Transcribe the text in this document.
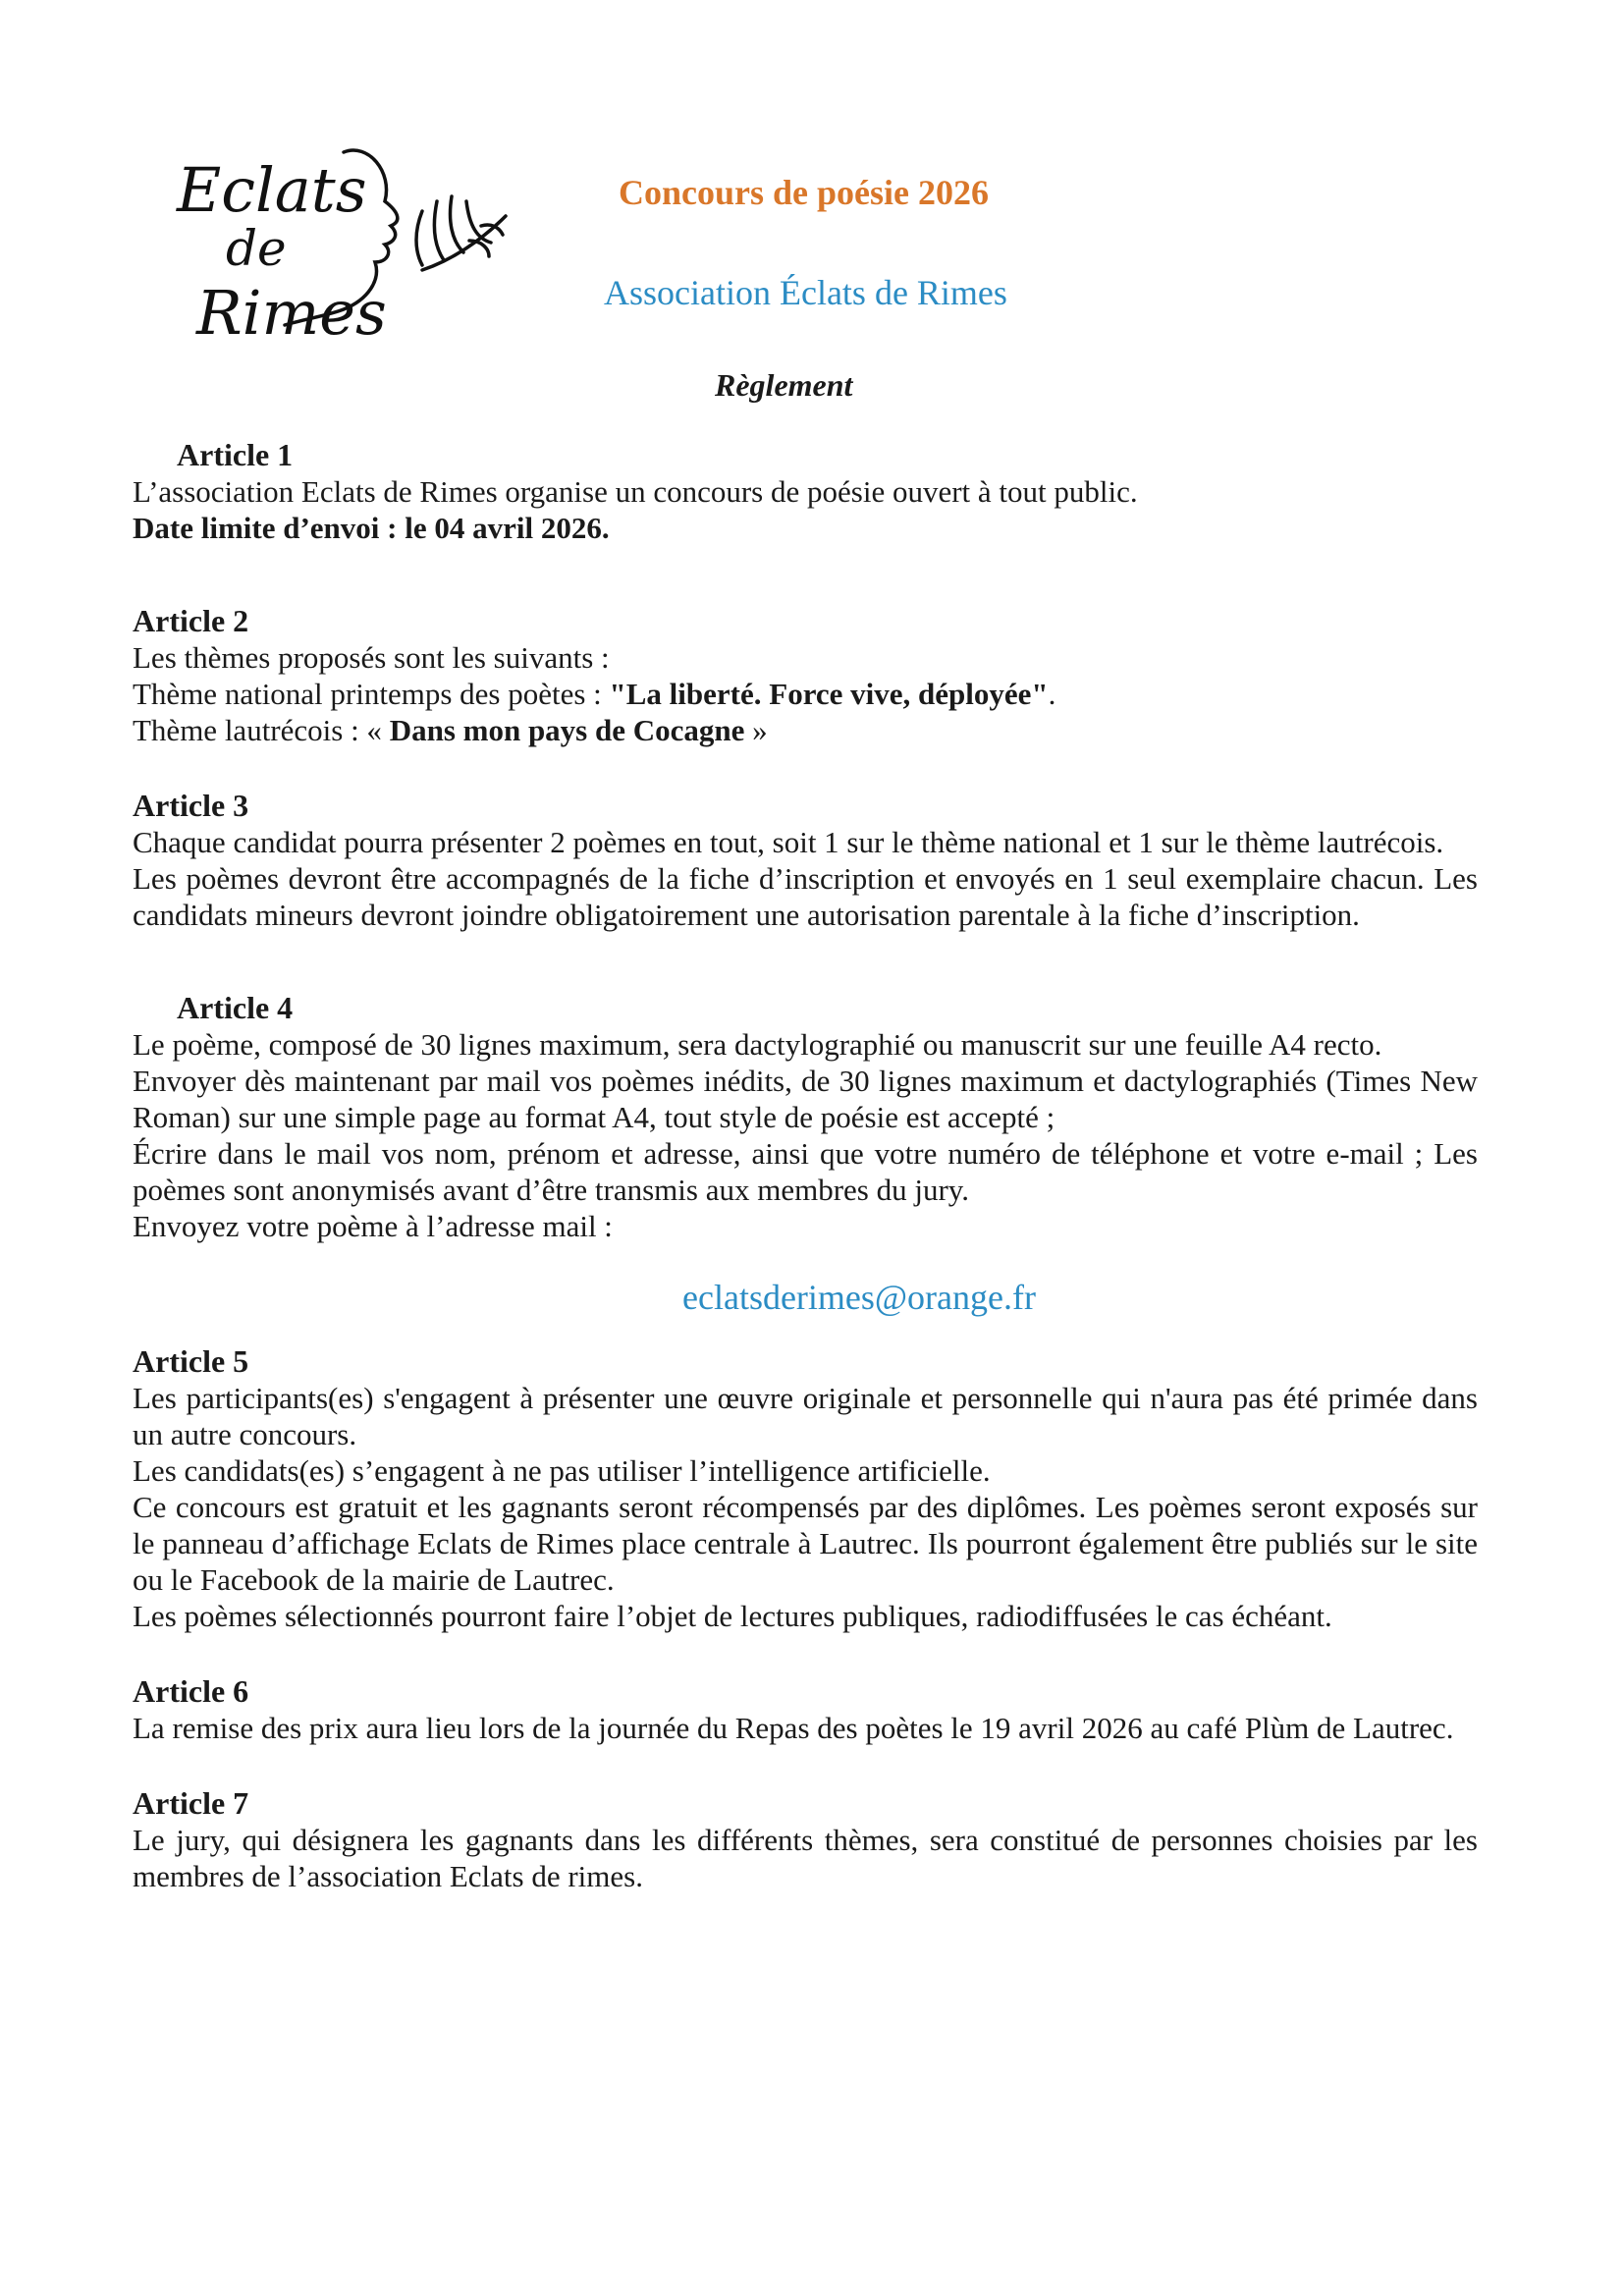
Eclats
de
Rimes
Concours de poésie 2026
Association Éclats de Rimes
Règlement

Article 1

L’association Eclats de Rimes organise un concours de poésie ouvert à tout public.

Date limite d’envoi : le 04 avril 2026.

Article 2

Les thèmes proposés sont les suivants :

Thème national printemps des poètes : "La liberté. Force vive, déployée".

Thème lautrécois : « Dans mon pays de Cocagne »

Article 3

Chaque candidat pourra présenter 2 poèmes en tout, soit 1 sur le thème national et 1 sur le thème lautrécois.

Les poèmes devront être accompagnés de la fiche d’inscription et envoyés en 1 seul exemplaire chacun. Les candidats mineurs devront joindre obligatoirement une autorisation parentale à la fiche d’inscription.

Article 4

Le poème, composé de 30 lignes maximum, sera dactylographié ou manuscrit sur une feuille A4 recto.

Envoyer dès maintenant par mail vos poèmes inédits, de 30 lignes maximum et dactylographiés (Times New Roman) sur une simple page au format A4, tout style de poésie est accepté ;

Écrire dans le mail vos nom, prénom et adresse, ainsi que votre numéro de téléphone et votre e-mail ; Les poèmes sont anonymisés avant d’être transmis aux membres du jury.

Envoyez votre poème à l’adresse mail :

eclatsderimes@orange.fr

Article 5

Les participants(es) s'engagent à présenter une œuvre originale et personnelle qui n'aura pas été primée dans un autre concours.

Les candidats(es) s’engagent à ne pas utiliser l’intelligence artificielle.

Ce concours est gratuit et les gagnants seront récompensés par des diplômes. Les poèmes seront exposés sur le panneau d’affichage Eclats de Rimes place centrale à Lautrec. Ils pourront également être publiés sur le site ou le Facebook de la mairie de Lautrec.

Les poèmes sélectionnés pourront faire l’objet de lectures publiques, radiodiffusées le cas échéant.

Article 6

La remise des prix aura lieu lors de la journée du Repas des poètes le 19 avril 2026 au café Plùm de Lautrec.

Article 7

Le jury, qui désignera les gagnants dans les différents thèmes, sera constitué de personnes choisies par les membres de l’association Eclats de rimes.
